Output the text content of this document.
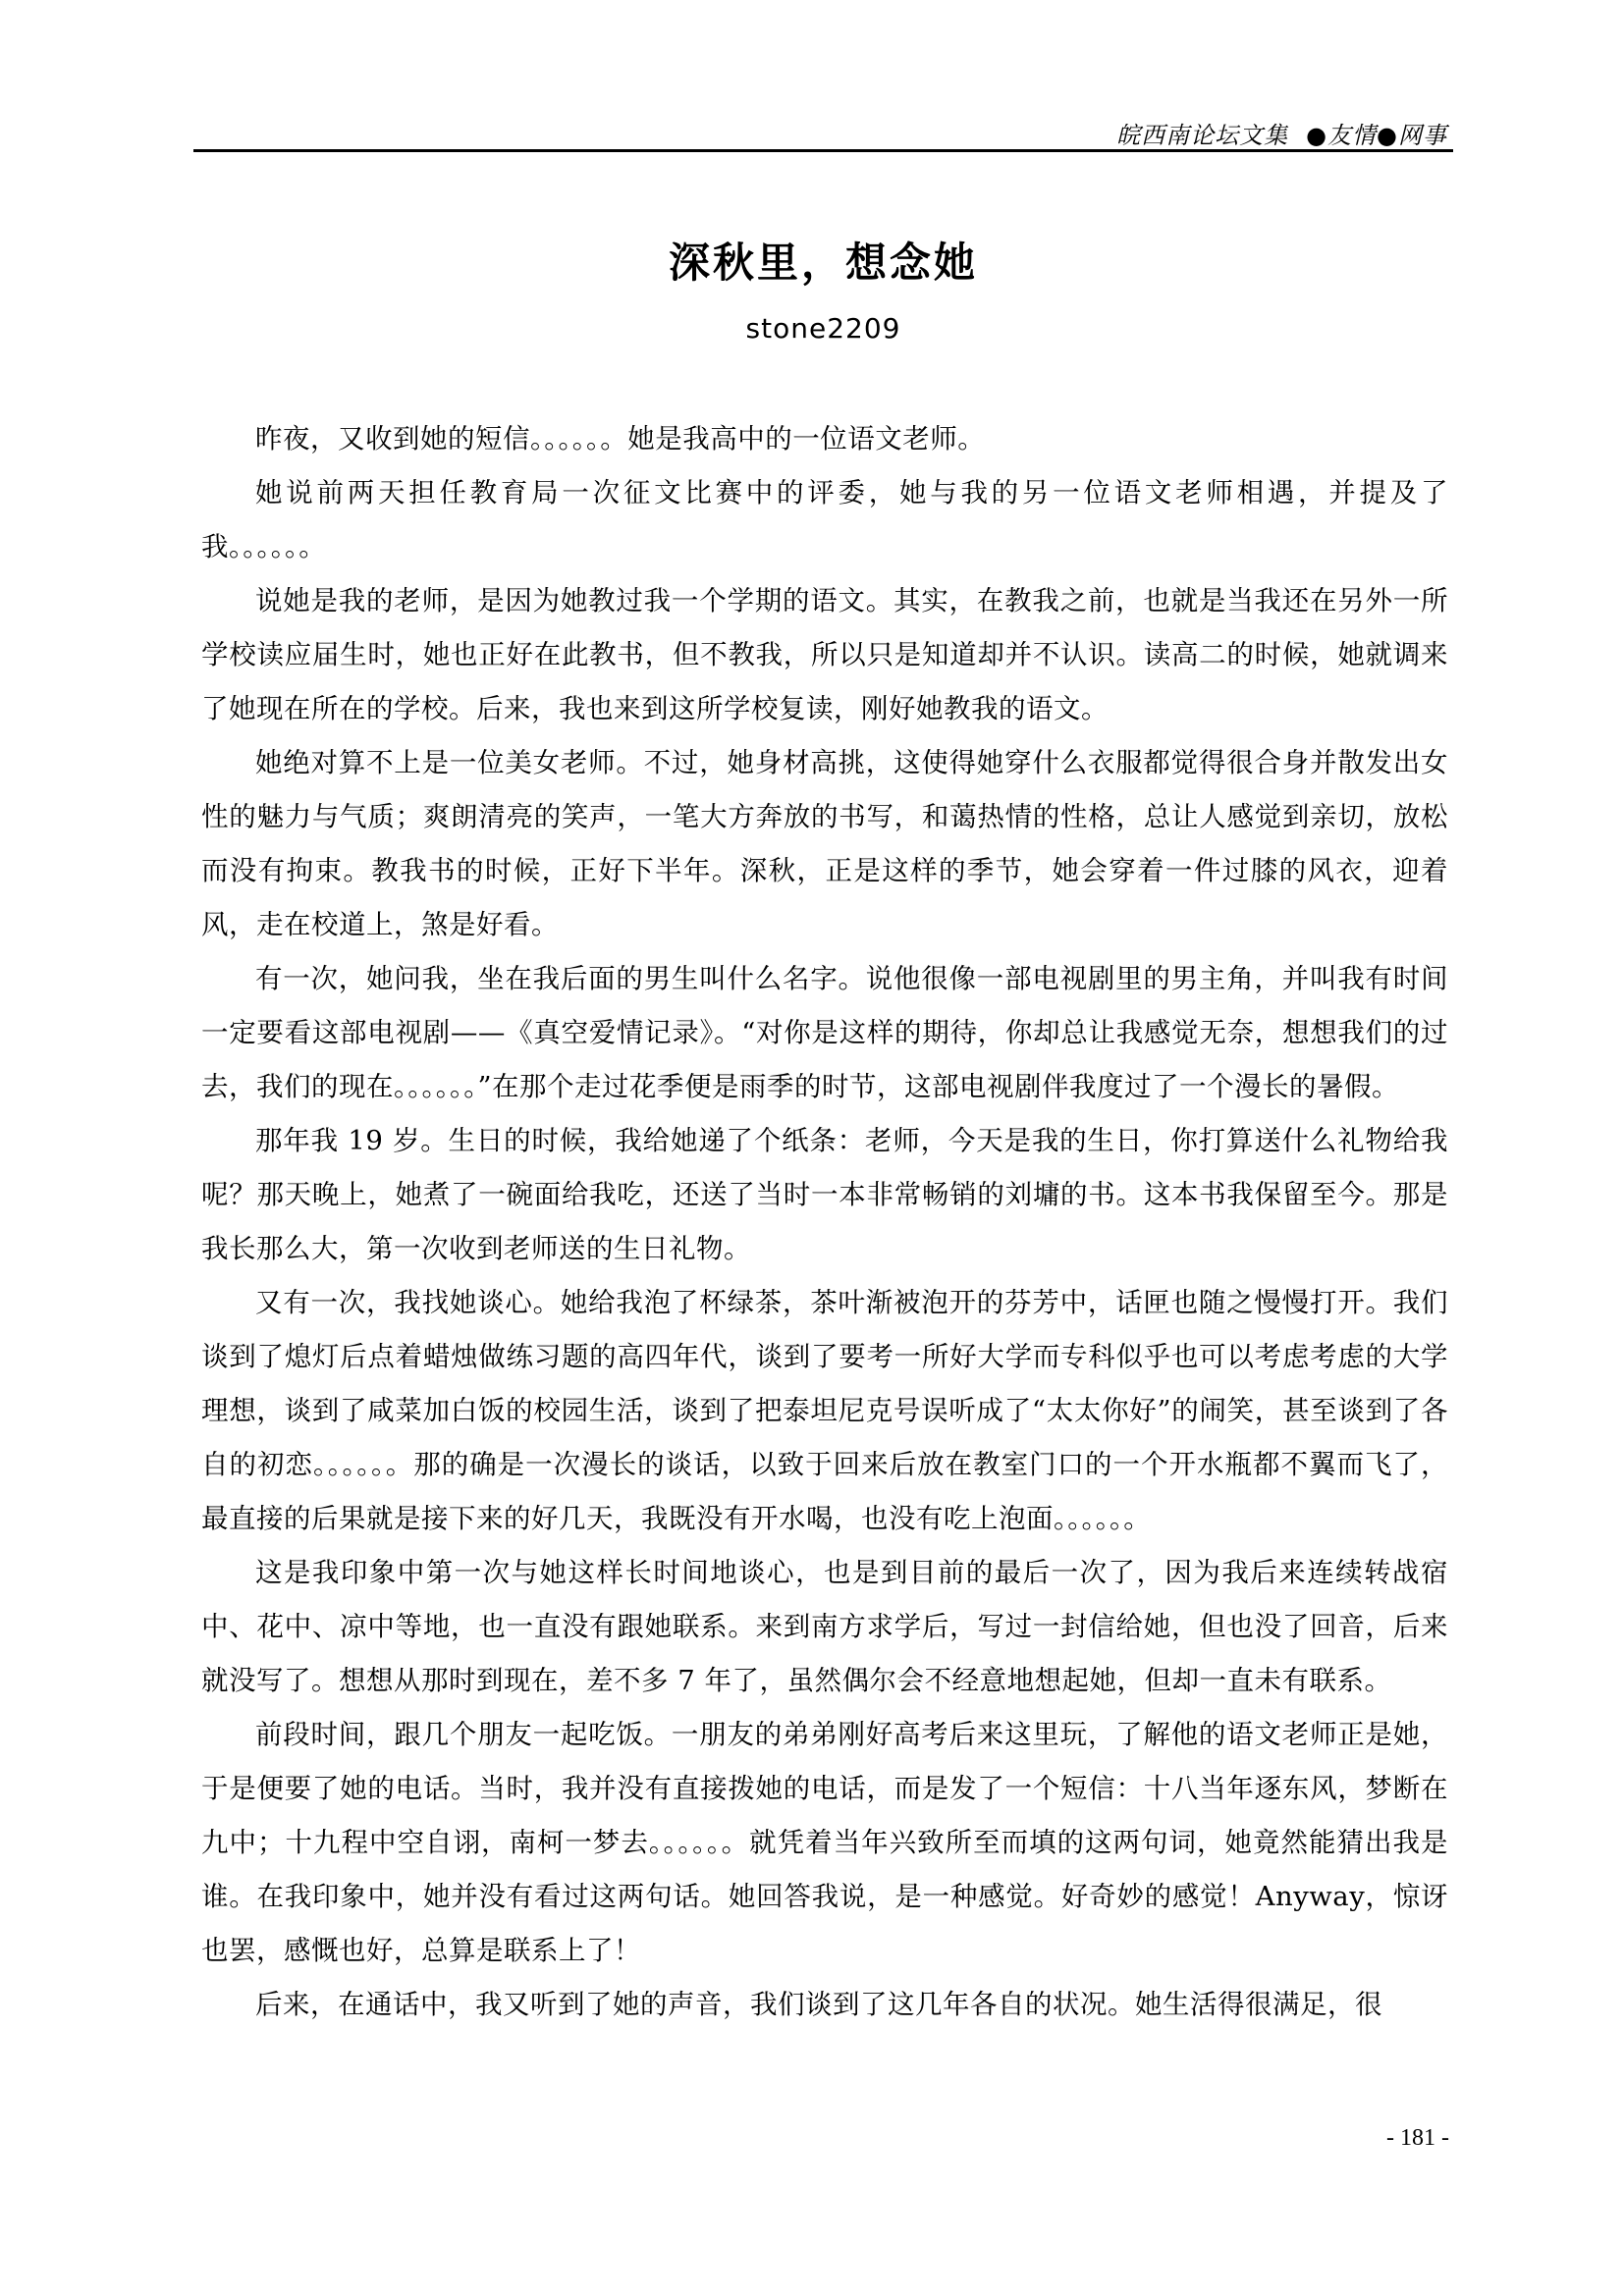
皖西南论坛文集 ●友情●网事
深秋里，想念她
stone2209

昨夜，又收到她的短信。。。。。。她是我高中的一位语文老师。

她说前两天担任教育局一次征文比赛中的评委，她与我的另一位语文老师相遇，并提及了我。。。。。。

说她是我的老师，是因为她教过我一个学期的语文。其实，在教我之前，也就是当我还在另外一所学校读应届生时，她也正好在此教书，但不教我，所以只是知道却并不认识。读高二的时候，她就调来了她现在所在的学校。后来，我也来到这所学校复读，刚好她教我的语文。

她绝对算不上是一位美女老师。不过，她身材高挑，这使得她穿什么衣服都觉得很合身并散发出女性的魅力与气质；爽朗清亮的笑声，一笔大方奔放的书写，和蔼热情的性格，总让人感觉到亲切，放松而没有拘束。教我书的时候，正好下半年。深秋，正是这样的季节，她会穿着一件过膝的风衣，迎着风，走在校道上，煞是好看。

有一次，她问我，坐在我后面的男生叫什么名字。说他很像一部电视剧里的男主角，并叫我有时间一定要看这部电视剧——《真空爱情记录》。“对你是这样的期待，你却总让我感觉无奈，想想我们的过去，我们的现在。。。。。。”在那个走过花季便是雨季的时节，这部电视剧伴我度过了一个漫长的暑假。

那年我 19 岁。生日的时候，我给她递了个纸条：老师，今天是我的生日，你打算送什么礼物给我呢？那天晚上，她煮了一碗面给我吃，还送了当时一本非常畅销的刘墉的书。这本书我保留至今。那是我长那么大，第一次收到老师送的生日礼物。

又有一次，我找她谈心。她给我泡了杯绿茶，茶叶渐被泡开的芬芳中，话匣也随之慢慢打开。我们谈到了熄灯后点着蜡烛做练习题的高四年代，谈到了要考一所好大学而专科似乎也可以考虑考虑的大学理想，谈到了咸菜加白饭的校园生活，谈到了把泰坦尼克号误听成了“太太你好”的闹笑，甚至谈到了各自的初恋。。。。。。那的确是一次漫长的谈话，以致于回来后放在教室门口的一个开水瓶都不翼而飞了，最直接的后果就是接下来的好几天，我既没有开水喝，也没有吃上泡面。。。。。。

这是我印象中第一次与她这样长时间地谈心，也是到目前的最后一次了，因为我后来连续转战宿中、花中、凉中等地，也一直没有跟她联系。来到南方求学后，写过一封信给她，但也没了回音，后来就没写了。想想从那时到现在，差不多 7 年了，虽然偶尔会不经意地想起她，但却一直未有联系。

前段时间，跟几个朋友一起吃饭。一朋友的弟弟刚好高考后来这里玩，了解他的语文老师正是她，于是便要了她的电话。当时，我并没有直接拨她的电话，而是发了一个短信：十八当年逐东风，梦断在九中；十九程中空自诩，南柯一梦去。。。。。。就凭着当年兴致所至而填的这两句词，她竟然能猜出我是谁。在我印象中，她并没有看过这两句话。她回答我说，是一种感觉。好奇妙的感觉！Anyway，惊讶也罢，感慨也好，总算是联系上了！

后来，在通话中，我又听到了她的声音，我们谈到了这几年各自的状况。她生活得很满足，很

- 181 -
